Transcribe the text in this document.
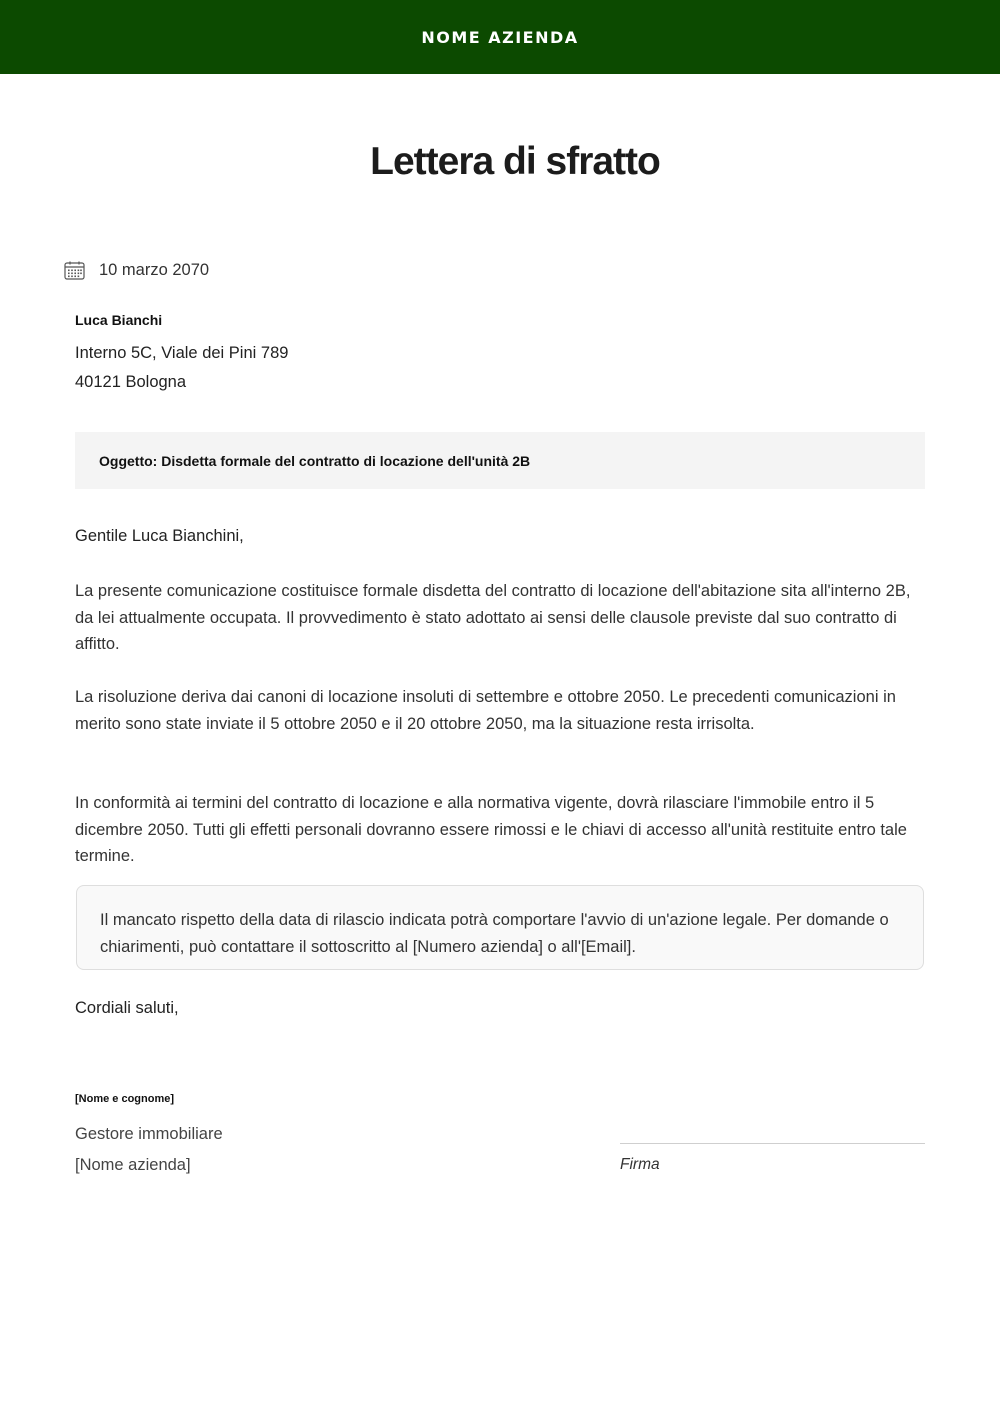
NOME AZIENDA
Lettera di sfratto
10 marzo 2070
Luca Bianchi
Interno 5C, Viale dei Pini 789
40121 Bologna
Oggetto: Disdetta formale del contratto di locazione dell'unità 2B

Gentile Luca Bianchini,

La presente comunicazione costituisce formale disdetta del contratto di locazione dell'abitazione sita all'interno 2B, da lei attualmente occupata. Il provvedimento è stato adottato ai sensi delle clausole previste dal suo contratto di affitto.

La risoluzione deriva dai canoni di locazione insoluti di settembre e ottobre 2050. Le precedenti comunicazioni in merito sono state inviate il 5 ottobre 2050 e il 20 ottobre 2050, ma la situazione resta irrisolta.

In conformità ai termini del contratto di locazione e alla normativa vigente, dovrà rilasciare l'immobile entro il 5 dicembre 2050. Tutti gli effetti personali dovranno essere rimossi e le chiavi di accesso all'unità restituite entro tale termine.

Il mancato rispetto della data di rilascio indicata potrà comportare l'avvio di un'azione legale. Per domande o chiarimenti, può contattare il sottoscritto al [Numero azienda] o all'[Email].

Cordiali saluti,

[Nome e cognome]
Gestore immobiliare
[Nome azienda]	Firma
